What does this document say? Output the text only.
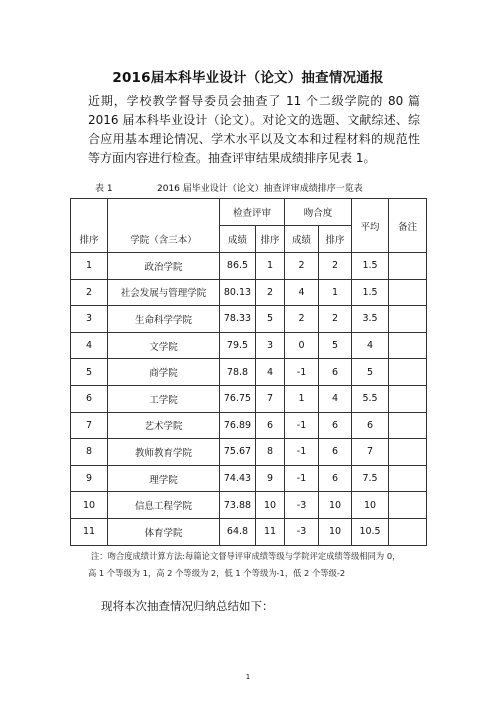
2016届本科毕业设计（论文）抽查情况通报
近期，学校教学督导委员会抽查了 11 个二级学院的 80 篇 2016 届本科毕业设计（论文）。对论文的选题、文献综述、综合应用基本理论情况、学术水平以及文本和过程材料的规范性等方面内容进行检查。抽查评审结果成绩排序见表 1。
表 1	2016 届毕业设计（论文）抽查评审成绩排序一览表
排序	学院（含三本）	检查评审		吻合度		平均	备注
		成绩	排序	成绩	排序		
1	政治学院	86.5	1	2	2	1.5	
2	社会发展与管理学院	80.13	2	4	1	1.5	
3	生命科学学院	78.33	5	2	2	3.5	
4	文学院	79.5	3	0	5	4	
5	商学院	78.8	4	-1	6	5	
6	工学院	76.75	7	1	4	5.5	
7	艺术学院	76.89	6	-1	6	6	
8	教师教育学院	75.67	8	-1	6	7	
9	理学院	74.43	9	-1	6	7.5	
10	信息工程学院	73.88	10	-3	10	10	
11	体育学院	64.8	11	-3	10	10.5	
注：吻合度成绩计算方法:每篇论文督导评审成绩等级与学院评定成绩等级相同为 0，
高 1 个等级为 1，高 2 个等级为 2，低 1 个等级为-1，低 2 个等级-2
现将本次抽查情况归纳总结如下：
1
